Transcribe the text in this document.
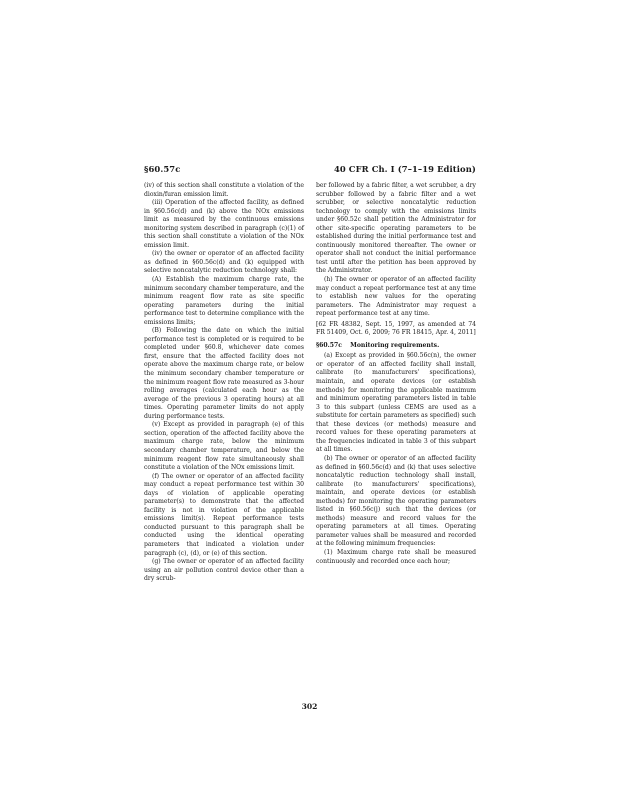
§60.57c	40 CFR Ch. I (7–1–19 Edition)

(iv) of this section shall constitute a violation of the dioxin/furan emission limit.

(iii) Operation of the affected facility, as defined in §60.56c(d) and (k) above the NOx emissions limit as measured by the continuous emissions monitoring system described in paragraph (c)(1) of this section shall constitute a violation of the NOx emission limit.

(iv) the owner or operator of an affected facility as defined in §60.56c(d) and (k) equipped with selective noncatalytic reduction technology shall:

(A) Establish the maximum charge rate, the minimum secondary chamber temperature, and the minimum reagent flow rate as site specific operating parameters during the initial performance test to determine compliance with the emissions limits;

(B) Following the date on which the initial performance test is completed or is required to be completed under §60.8, whichever date comes first, ensure that the affected facility does not operate above the maximum charge rate, or below the minimum secondary chamber temperature or the minimum reagent flow rate measured as 3-hour rolling averages (calculated each hour as the average of the previous 3 operating hours) at all times. Operating parameter limits do not apply during performance tests.

(v) Except as provided in paragraph (e) of this section, operation of the affected facility above the maximum charge rate, below the minimum secondary chamber temperature, and below the minimum reagent flow rate simultaneously shall constitute a violation of the NOx emissions limit.

(f) The owner or operator of an affected facility may conduct a repeat performance test within 30 days of violation of applicable operating parameter(s) to demonstrate that the affected facility is not in violation of the applicable emissions limit(s). Repeat performance tests conducted pursuant to this paragraph shall be conducted using the identical operating parameters that indicated a violation under paragraph (c), (d), or (e) of this section.

(g) The owner or operator of an affected facility using an air pollution control device other than a dry scrub-

ber followed by a fabric filter, a wet scrubber, a dry scrubber followed by a fabric filter and a wet scrubber, or selective noncatalytic reduction technology to comply with the emissions limits under §60.52c shall petition the Administrator for other site-specific operating parameters to be established during the initial performance test and continuously monitored thereafter. The owner or operator shall not conduct the initial performance test until after the petition has been approved by the Administrator.

(h) The owner or operator of an affected facility may conduct a repeat performance test at any time to establish new values for the operating parameters. The Administrator may request a repeat performance test at any time.

[62 FR 48382, Sept. 15, 1997, as amended at 74 FR 51409, Oct. 6, 2009; 76 FR 18415, Apr. 4, 2011]

§60.57c Monitoring requirements.

(a) Except as provided in §60.56c(n), the owner or operator of an affected facility shall install, calibrate (to manufacturers' specifications), maintain, and operate devices (or establish methods) for monitoring the applicable maximum and minimum operating parameters listed in table 3 to this subpart (unless CEMS are used as a substitute for certain parameters as specified) such that these devices (or methods) measure and record values for these operating parameters at the frequencies indicated in table 3 of this subpart at all times.

(b) The owner or operator of an affected facility as defined in §60.56c(d) and (k) that uses selective noncatalytic reduction technology shall install, calibrate (to manufacturers' specifications), maintain, and operate devices (or establish methods) for monitoring the operating parameters listed in §60.56c(j) such that the devices (or methods) measure and record values for the operating parameters at all times. Operating parameter values shall be measured and recorded at the following minimum frequencies:

(1) Maximum charge rate shall be measured continuously and recorded once each hour;

302
